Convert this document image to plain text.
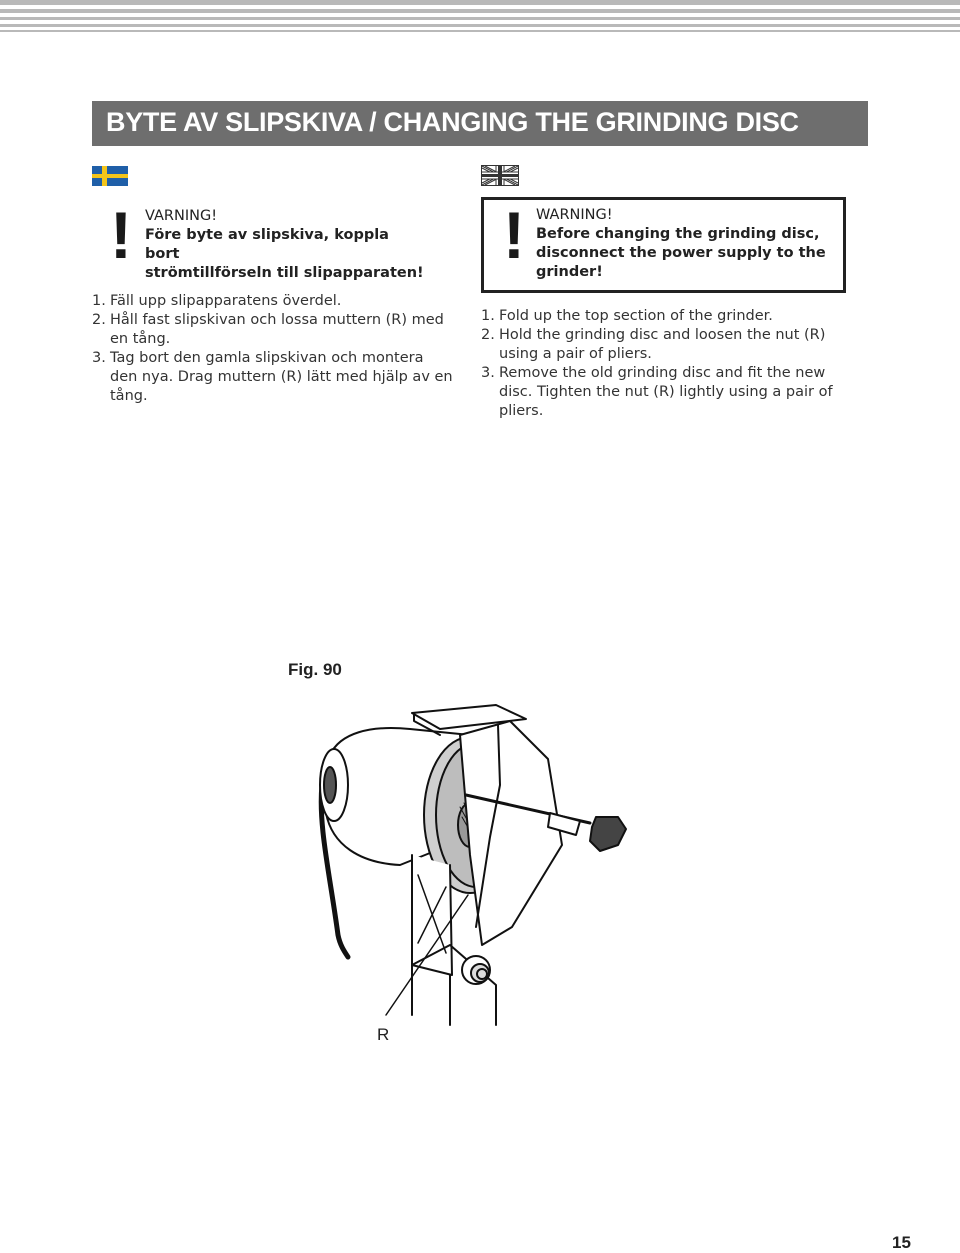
BYTE AV SLIPSKIVA / CHANGING THE GRINDING DISC
! VARNING!
Före byte av slipskiva, koppla bort
strömtillförseln till slipapparaten!
1. Fäll upp slipapparatens överdel.
2. Håll fast slipskivan och lossa muttern (R) med en tång.
3. Tag bort den gamla slipskivan och montera den nya. Drag muttern (R) lätt med hjälp av en tång.
! WARNING!
Before changing the grinding disc,
disconnect the power supply to the
grinder!
1. Fold up the top section of the grinder.
2. Hold the grinding disc and loosen the nut (R) using a pair of pliers.
3. Remove the old grinding disc and fit the new disc. Tighten the nut (R) lightly using a pair of pliers.
Fig. 90
R
15
